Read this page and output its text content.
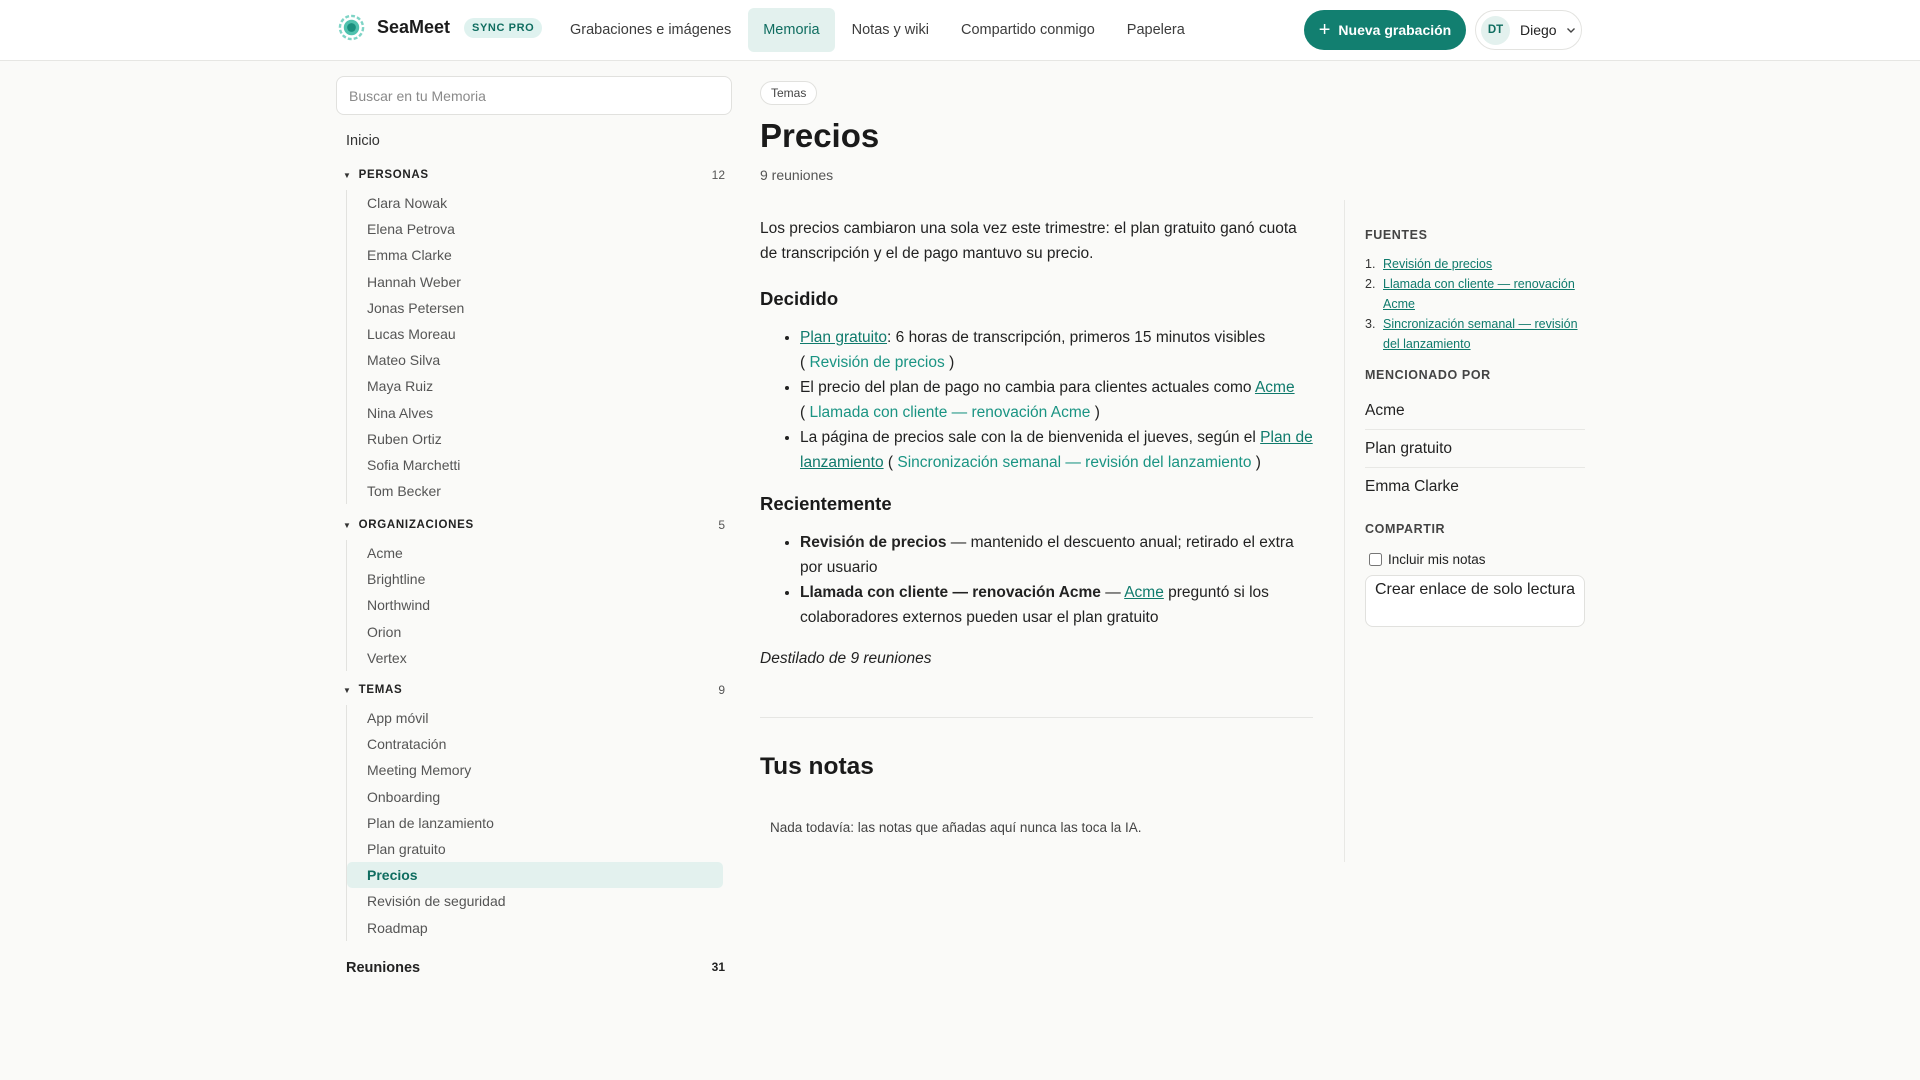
SeaMeet	SYNC PRO	Grabaciones e imágenes	Memoria	Notas y wiki	Compartido conmigo	Papelera	+ Nueva grabación	DT	Diego
Buscar en tu Memoria
Inicio
▼ PERSONAS	12
Clara Nowak
Elena Petrova
Emma Clarke
Hannah Weber
Jonas Petersen
Lucas Moreau
Mateo Silva
Maya Ruiz
Nina Alves
Ruben Ortiz
Sofia Marchetti
Tom Becker
▼ ORGANIZACIONES	5
Acme
Brightline
Northwind
Orion
Vertex
▼ TEMAS	9
App móvil
Contratación
Meeting Memory
Onboarding
Plan de lanzamiento
Plan gratuito
Precios
Revisión de seguridad
Roadmap
Reuniones	31
Temas
Precios
9 reuniones

Los precios cambiaron una sola vez este trimestre: el plan gratuito ganó cuota de transcripción y el de pago mantuvo su precio.

Decidido
• Plan gratuito: 6 horas de transcripción, primeros 15 minutos visibles ( Revisión de precios )
• El precio del plan de pago no cambia para clientes actuales como Acme ( Llamada con cliente — renovación Acme )
• La página de precios sale con la de bienvenida el jueves, según el Plan de lanzamiento ( Sincronización semanal — revisión del lanzamiento )
Recientemente
• Revisión de precios — mantenido el descuento anual; retirado el extra por usuario
• Llamada con cliente — renovación Acme — Acme preguntó si los colaboradores externos pueden usar el plan gratuito

Destilado de 9 reuniones

Tus notas
Nada todavía: las notas que añadas aquí nunca las toca la IA.
FUENTES
1. Revisión de precios
2. Llamada con cliente — renovación Acme
3. Sincronización semanal — revisión del lanzamiento
MENCIONADO POR
Acme
Plan gratuito
Emma Clarke
COMPARTIR
Incluir mis notas
Crear enlace de solo lectura
